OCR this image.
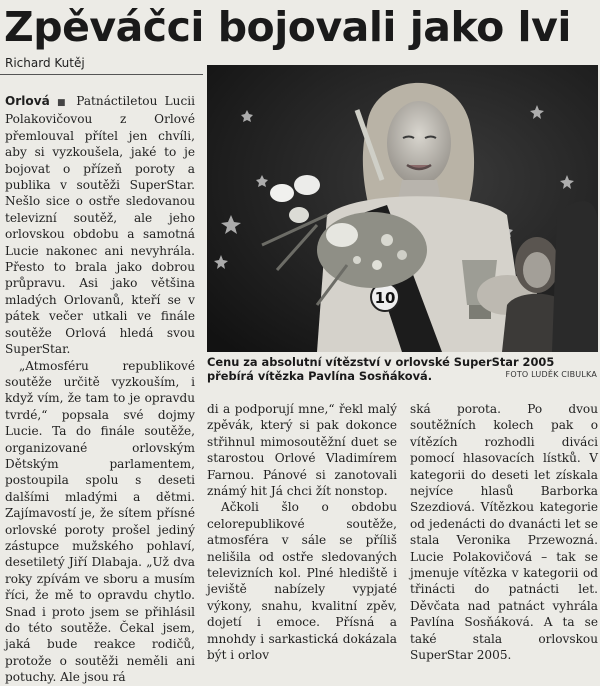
Zpěváčci bojovali jako lvi
Richard Kutěj

Orlová ■ Patnáctiletou Lucii Polakovičovou z Orlové přemlouval přítel jen chvíli, aby si vyzkoušela, jaké to je bojovat o přízeň poroty a publika v soutěži SuperStar. Nešlo sice o ostře sledovanou televizní soutěž, ale jeho orlovskou obdobu a samotná Lucie nakonec ani nevyhrála. Přesto to brala jako dobrou průpravu. Asi jako většina mladých Orlovanů, kteří se v pátek večer utkali ve finále soutěže Orlová hledá svou SuperStar.

„Atmosféru republikové soutěže určitě vyzkouším, i když vím, že tam to je opravdu tvrdé,“ popsala své dojmy Lucie. Ta do finále soutěže, organizované orlovským Dětským parlamentem, postoupila spolu s deseti dalšími mladými a dětmi. Zajímavostí je, že sítem přísné orlovské poroty prošel jediný zástupce mužského pohlaví, desetiletý Jiří Dlabaja. „Už dva roky zpívám ve sboru a musím říci, že mě to opravdu chytlo. Snad i proto jsem se přihlásil do této soutěže. Čekal jsem, jaká bude reakce rodičů, protože o soutěži neměli ani potuchy. Ale jsou rá

10
Cenu za absolutní vítězství v orlovské SuperStar 2005 přebírá vítězka Pavlína Sosňáková.	FOTO LUDĚK CIBULKA

di a podporují mne,“ řekl malý zpěvák, který si pak dokonce střihnul mimosoutěžní duet se starostou Orlové Vladimírem Farnou. Pánové si zanotovali známý hit Já chci žít nonstop.

Ačkoli šlo o obdobu celorepublikové soutěže, atmosféra v sále se příliš nelišila od ostře sledovaných televizních kol. Plné hlediště i jeviště nabízely vypjaté výkony, snahu, kvalitní zpěv, dojetí i emoce. Přísná a mnohdy i sarkastická dokázala být i orlov

ská porota. Po dvou soutěžních kolech pak o vítězích rozhodli diváci pomocí hlasovacích lístků. V kategorii do deseti let získala nejvíce hlasů Barborka Szezdiová. Vítězkou kategorie od jedenácti do dvanácti let se stala Veronika Przewozná. Lucie Polakovičová – tak se jmenuje vítězka v kategorii od třinácti do patnácti let. Děvčata nad patnáct vyhrála Pavlína Sosňáková. A ta se také stala orlovskou SuperStar 2005.
